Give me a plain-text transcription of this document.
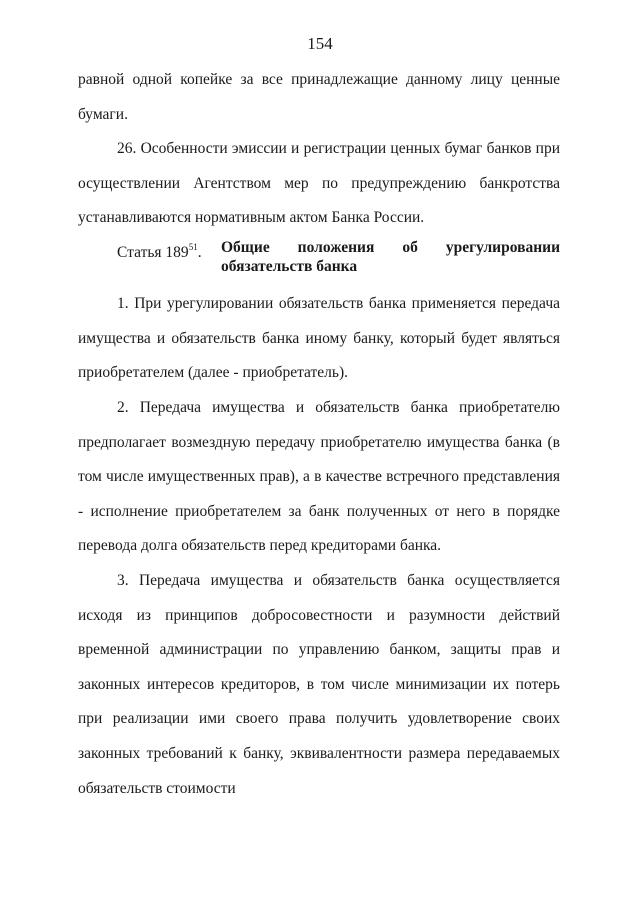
154

равной одной копейке за все принадлежащие данному лицу ценные бумаги.

26. Особенности эмиссии и регистрации ценных бумаг банков при осуществлении Агентством мер по предупреждению банкротства устанавливаются нормативным актом Банка России.

Статья $189^{51}$.	Общие положения об урегулировании обязательств банка

1. При урегулировании обязательств банка применяется передача имущества и обязательств банка иному банку, который будет являться приобретателем (далее - приобретатель).

2. Передача имущества и обязательств банка приобретателю предполагает возмездную передачу приобретателю имущества банка (в том числе имущественных прав), а в качестве встречного представления - исполнение приобретателем за банк полученных от него в порядке перевода долга обязательств перед кредиторами банка.

3. Передача имущества и обязательств банка осуществляется исходя из принципов добросовестности и разумности действий временной администрации по управлению банком, защиты прав и законных интересов кредиторов, в том числе минимизации их потерь при реализации ими своего права получить удовлетворение своих законных требований к банку, эквивалентности размера передаваемых обязательств стоимости
